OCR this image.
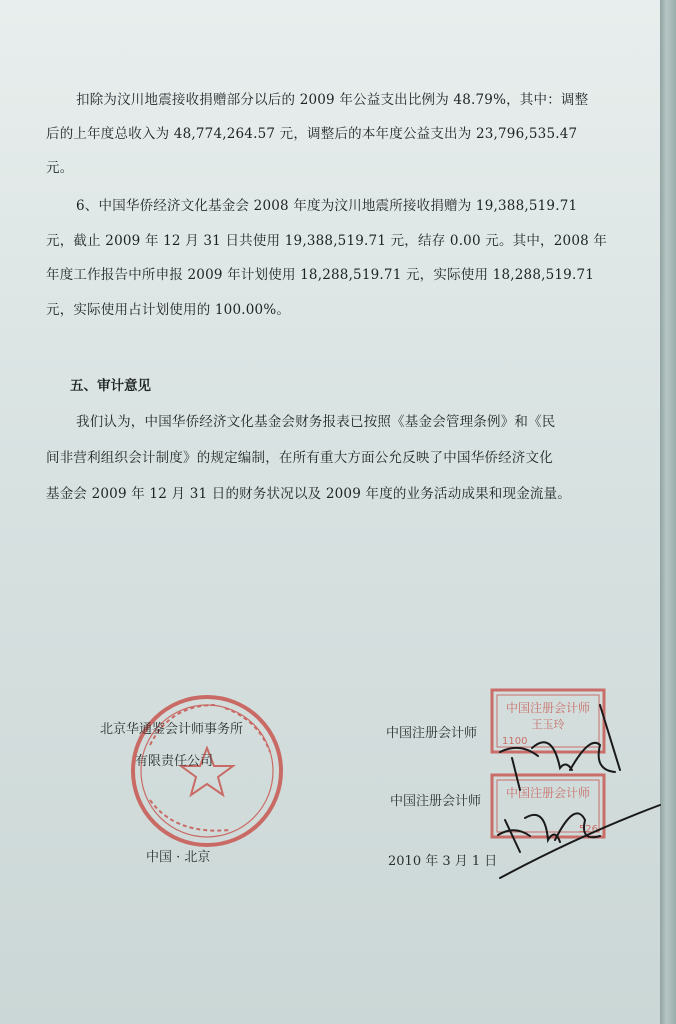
扣除为汶川地震接收捐赠部分以后的 2009 年公益支出比例为 48.79%，其中：调整
后的上年度总收入为 48,774,264.57 元，调整后的本年度公益支出为 23,796,535.47
元。
6、中国华侨经济文化基金会 2008 年度为汶川地震所接收捐赠为 19,388,519.71
元，截止 2009 年 12 月 31 日共使用 19,388,519.71 元，结存 0.00 元。其中，2008 年
年度工作报告中所申报 2009 年计划使用 18,288,519.71 元，实际使用 18,288,519.71
元，实际使用占计划使用的 100.00%。
五、审计意见
我们认为，中国华侨经济文化基金会财务报表已按照《基金会管理条例》和《民
间非营利组织会计制度》的规定编制，在所有重大方面公允反映了中国华侨经济文化
基金会 2009 年 12 月 31 日的财务状况以及 2009 年度的业务活动成果和现金流量。
中国注册会计师
王玉玲
1100
中国注册会计师
526
北京华通鉴会计师事务所
有限责任公司
中国 · 北京
中国注册会计师
中国注册会计师
2010 年 3 月 1 日
